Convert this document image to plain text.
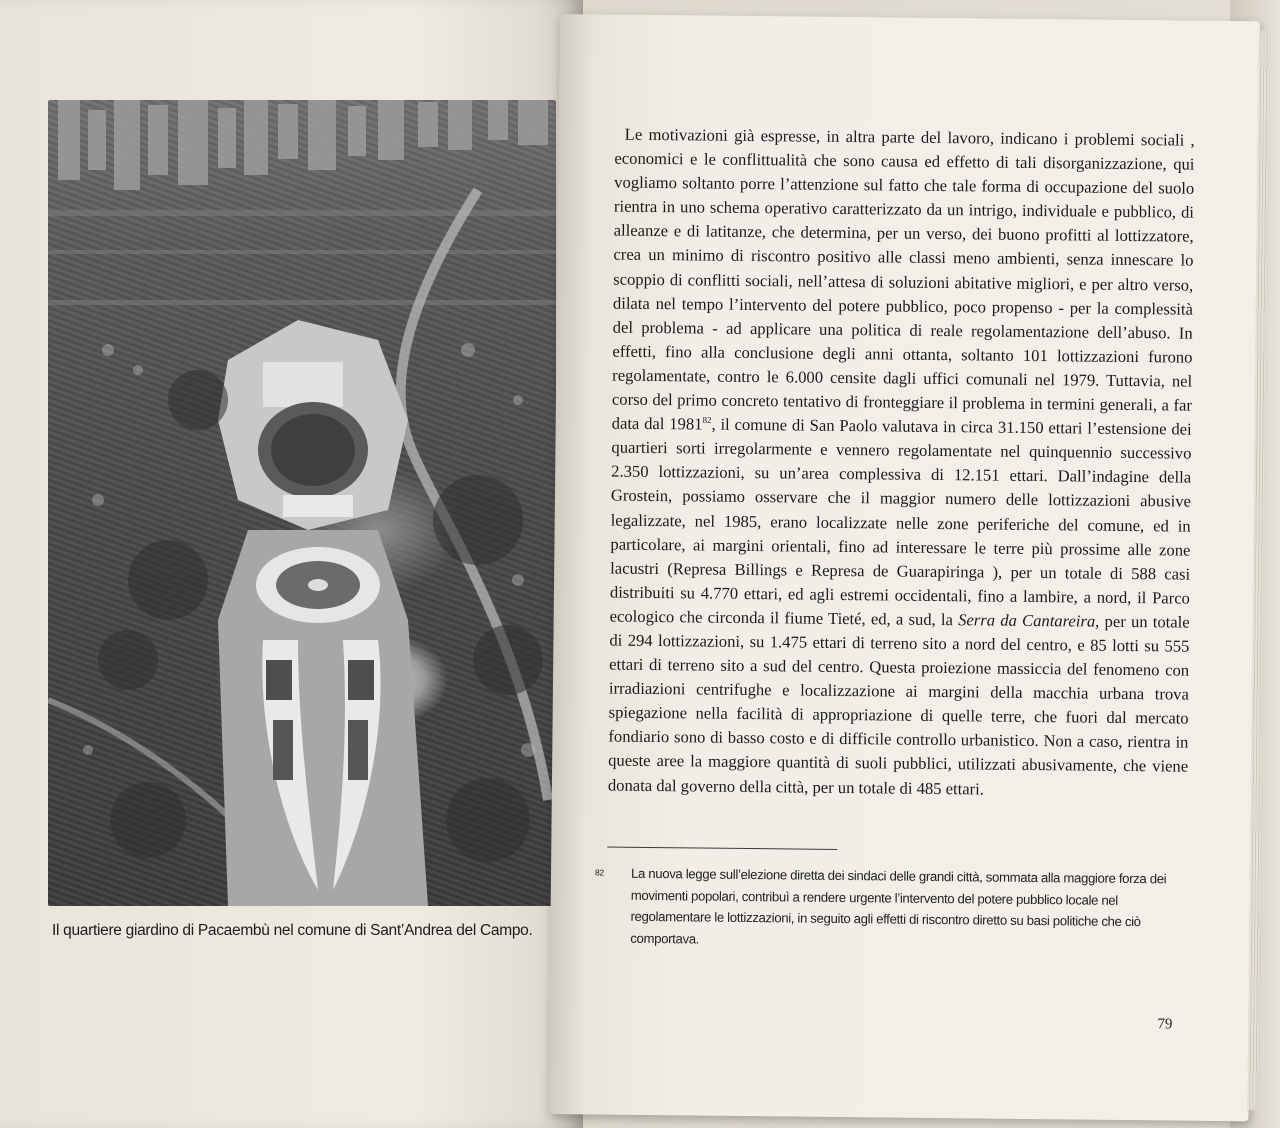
Il quartiere giardino di Pacaembù nel comune di Sant’Andrea del Campo.
Le motivazioni già espresse, in altra parte del lavoro, indicano i problemi sociali , economici e le conflittualità che sono causa ed effetto di tali disorganizzazione, qui vogliamo soltanto porre l’attenzione sul fatto che tale forma di occupazione del suolo rientra in uno schema operativo caratterizzato da un intrigo, individuale e pubblico, di alleanze e di latitanze, che determina, per un verso, dei buono profitti al lottizzatore, crea un minimo di riscontro positivo alle classi meno ambienti, senza innescare lo scoppio di conflitti sociali, nell’attesa di soluzioni abitative migliori, e per altro verso, dilata nel tempo l’intervento del potere pubblico, poco propenso - per la complessità del problema - ad applicare una politica di reale regolamentazione dell’abuso. In effetti, fino alla conclusione degli anni ottanta, soltanto 101 lottizzazioni furono regolamentate, contro le 6.000 censite dagli uffici comunali nel 1979. Tuttavia, nel corso del primo concreto tentativo di fronteggiare il problema in termini generali, a far data dal 1981$^{82}$, il comune di San Paolo valutava in circa 31.150 ettari l’estensione dei quartieri sorti irregolarmente e vennero regolamentate nel quinquennio successivo 2.350 lottizzazioni, su un’area complessiva di 12.151 ettari. Dall’indagine della Grostein, possiamo osservare che il maggior numero delle lottizzazioni abusive legalizzate, nel 1985, erano localizzate nelle zone periferiche del comune, ed in particolare, ai margini orientali, fino ad interessare le terre più prossime alle zone lacustri (Represa Billings e Represa de Guarapiringa ), per un totale di 588 casi distribuiti su 4.770 ettari, ed agli estremi occidentali, fino a lambire, a nord, il Parco ecologico che circonda il fiume Tieté, ed, a sud, la Serra da Cantareira, per un totale di 294 lottizzazioni, su 1.475 ettari di terreno sito a nord del centro, e 85 lotti su 555 ettari di terreno sito a sud del centro. Questa proiezione massiccia del fenomeno con irradiazioni centrifughe e localizzazione ai margini della macchia urbana trova spiegazione nella facilità di appropriazione di quelle terre, che fuori dal mercato fondiario sono di basso costo e di difficile controllo urbanistico. Non a caso, rientra in queste aree la maggiore quantità di suoli pubblici, utilizzati abusivamente, che viene donata dal governo della città, per un totale di 485 ettari.
82 La nuova legge sull’elezione diretta dei sindaci delle grandi città, sommata alla maggiore forza dei movimenti popolari, contribuì a rendere urgente l’intervento del potere pubblico locale nel regolamentare le lottizzazioni, in seguito agli effetti di riscontro diretto su basi politiche che ciò comportava.
79
